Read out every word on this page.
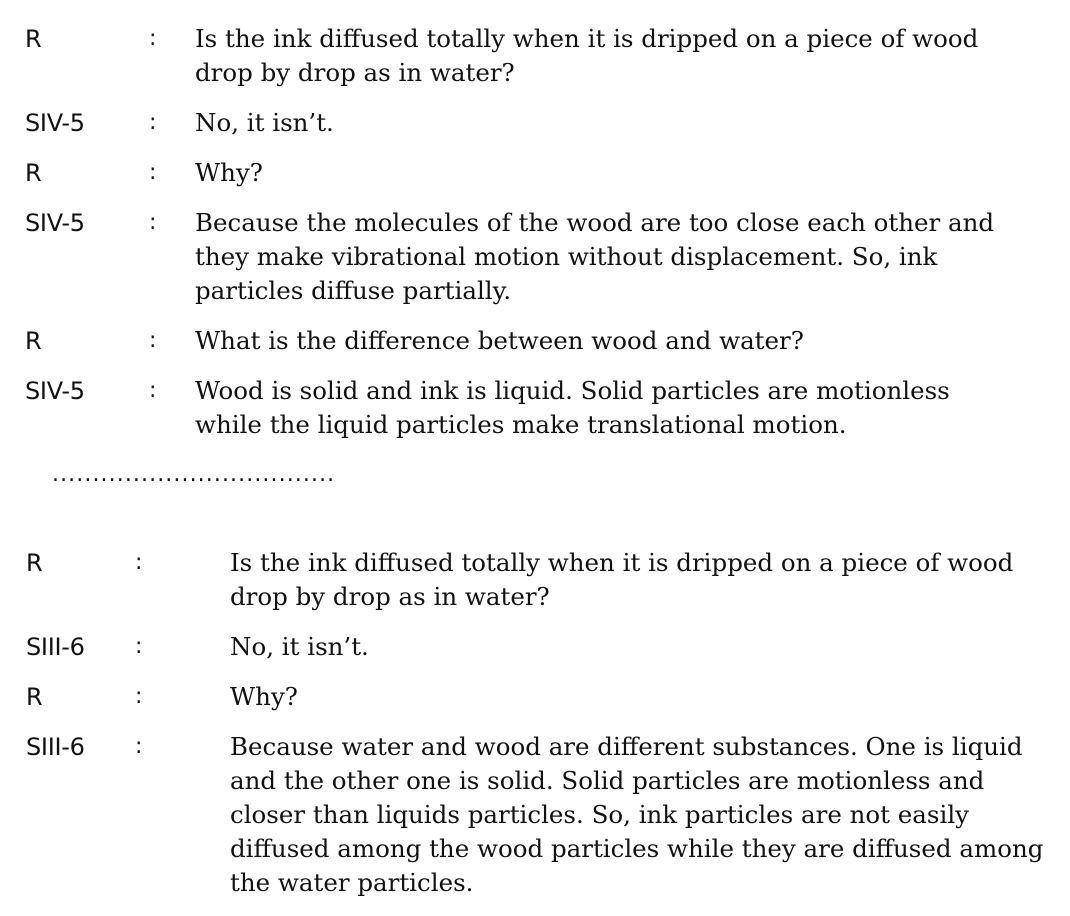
R	: Is the ink diffused totally when it is dripped on a piece of wood drop by drop as in water?
SIV-5	: No, it isn’t.
R	: Why?
SIV-5	: Because the molecules of the wood are too close each other and they make vibrational motion without displacement. So, ink particles diffuse partially.
R	: What is the difference between wood and water?
SIV-5	: Wood is solid and ink is liquid. Solid particles are motionless while the liquid particles make translational motion.
...................................
R	:	Is the ink diffused totally when it is dripped on a piece of wood drop by drop as in water?
SIII-6 :	No, it isn’t.
R	:	Why?
SIII-6 :	Because water and wood are different substances. One is liquid and the other one is solid. Solid particles are motionless and closer than liquids particles. So, ink particles are not easily diffused among the wood particles while they are diffused among the water particles.
